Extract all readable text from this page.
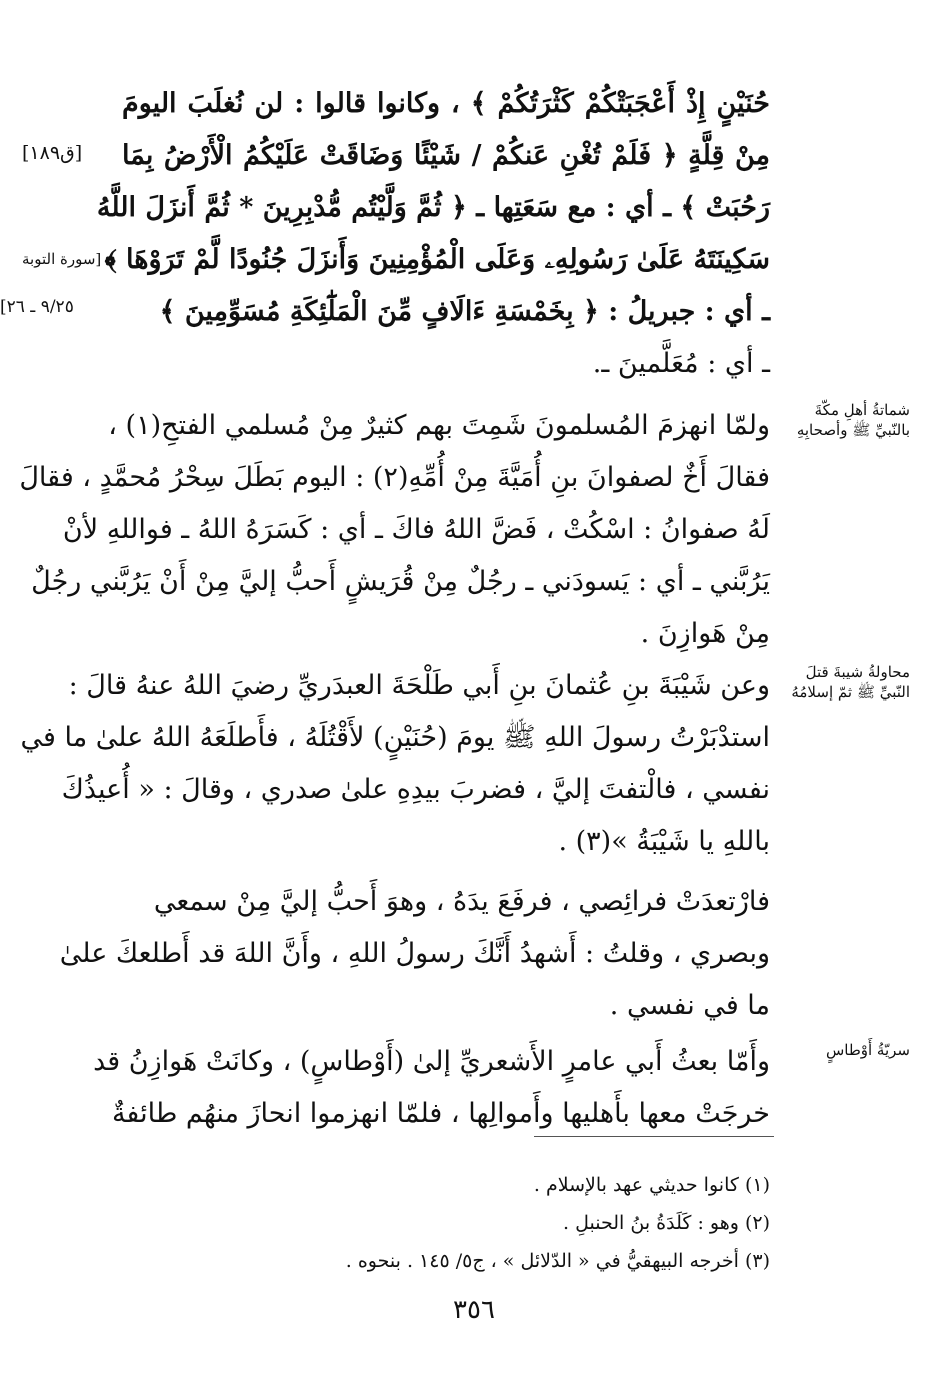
حُنَيْنٍ إِذْ أَعْجَبَتْكُمْ كَثْرَتُكُمْ ﴾ ، وكانوا قالوا : لن نُغلَبَ اليومَ
مِنْ قِلَّةٍ ﴿ فَلَمْ تُغْنِ عَنكُمْ / شَيْئًا وَضَاقَتْ عَلَيْكُمُ الْأَرْضُ بِمَا
رَحُبَتْ ﴾ ـ أي : مع سَعَتِها ـ ﴿ ثُمَّ وَلَّيْتُم مُّدْبِرِينَ * ثُمَّ أَنزَلَ اللَّهُ
سَكِينَتَهُ عَلَىٰ رَسُولِهِۦ وَعَلَى الْمُؤْمِنِينَ وَأَنزَلَ جُنُودًا لَّمْ تَرَوْهَا ﴾
ـ أي : جبريلُ : ﴿ بِخَمْسَةِ ءَالَافٍ مِّنَ الْمَلَٰٓئِكَةِ مُسَوِّمِينَ ﴾
ـ أي : مُعَلَّمينَ ـ.
ولمّا انهزمَ المُسلمونَ شَمِتَ بهم كثيرٌ مِنْ مُسلمي الفتحِ(١) ،
فقالَ أَخٌ لصفوانَ بنِ أُمَيَّةَ مِنْ أُمِّهِ(٢) : اليوم بَطَلَ سِحْرُ مُحمَّدٍ ، فقالَ
لَهُ صفوانُ : اسْكُتْ ، فَضَّ اللهُ فاكَ ـ أي : كَسَرَهُ اللهُ ـ فواللهِ لأنْ
يَرُبَّني ـ أي : يَسودَني ـ رجُلٌ مِنْ قُرَيشٍ أَحبُّ إليَّ مِنْ أَنْ يَرُبَّني رجُلٌ
مِنْ هَوازِنَ .
وعن شَيْبَةَ بنِ عُثمانَ بنِ أَبي طَلْحَةَ العبدَريِّ رضيَ اللهُ عنهُ قالَ :
استدْبَرْتُ رسولَ اللهِ ﷺ يومَ (حُنَيْنٍ) لأَقْتُلَهُ ، فأَطلَعَهُ اللهُ علىٰ ما في
نفسي ، فالْتفتَ إليَّ ، فضربَ بيدِهِ علىٰ صدري ، وقالَ : « أُعيذُكَ
باللهِ يا شَيْبَةُ »(٣) .
فارْتعدَتْ فرائِصي ، فرفَعَ يدَهُ ، وهوَ أَحبُّ إليَّ مِنْ سمعي
وبصري ، وقلتُ : أَشهدُ أَنَّكَ رسولُ اللهِ ، وأَنَّ اللهَ قد أَطلعكَ علىٰ
ما في نفسي .
وأَمّا بعثُ أَبي عامرٍ الأَشعريِّ إلىٰ (أَوْطاسٍ) ، وكانَتْ هَوازِنُ قد
خرجَتْ معها بأَهليها وأَموالِها ، فلمّا انهزموا انحازَ منهُم طائفةٌ
[ق١٨٩]
[سورة التوبة
٩/٢٥ ـ ٢٦]
شماتةُ أهلِ مكّةَ بالنّبيِّ ﷺ وأصحابِهِ
محاولةُ شيبةَ قتلَ النّبيِّ ﷺ ثمّ إسلامُهُ
سريّةُ أَوْطاسٍ
(١) كانوا حديثي عهد بالإسلام .
(٢) وهو : كَلَدَةُ بنُ الحنبلِ .
(٣) أخرجه البيهقيُّ في « الدّلائل » ، ج٥/ ١٤٥ . بنحوه .
٣٥٦
